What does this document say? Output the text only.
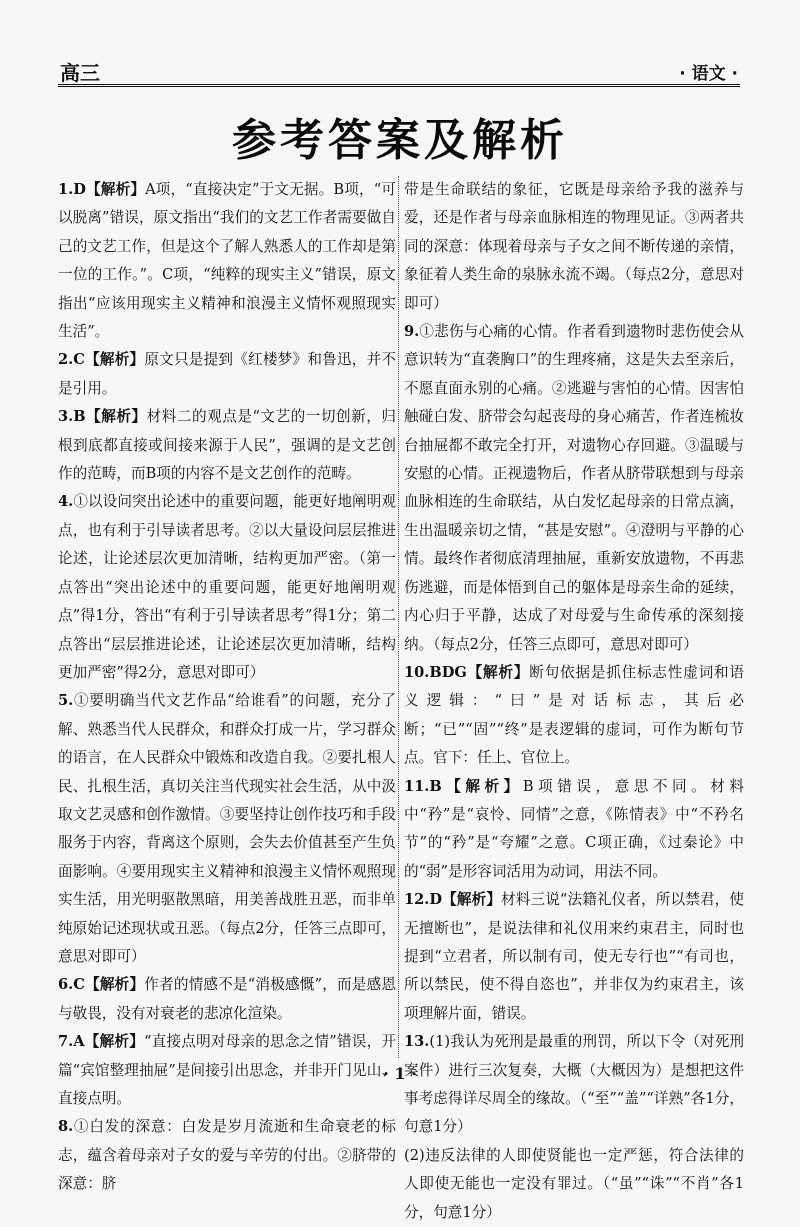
高三	· 语文 ·
参考答案及解析

1.D【解析】A项，“直接决定”于文无据。B项，“可以脱离”错误，原文指出“我们的文艺工作者需要做自己的文艺工作，但是这个了解人熟悉人的工作却是第一位的工作。”。C项，“纯粹的现实主义”错误，原文指出“应该用现实主义精神和浪漫主义情怀观照现实生活”。

2.C【解析】原文只是提到《红楼梦》和鲁迅，并不是引用。

3.B【解析】材料二的观点是“文艺的一切创新，归根到底都直接或间接来源于人民”，强调的是文艺创作的范畴，而B项的内容不是文艺创作的范畴。

4.①以设问突出论述中的重要问题，能更好地阐明观点，也有利于引导读者思考。②以大量设问层层推进论述，让论述层次更加清晰，结构更加严密。（第一点答出“突出论述中的重要问题，能更好地阐明观点”得1分，答出“有利于引导读者思考”得1分；第二点答出“层层推进论述，让论述层次更加清晰，结构更加严密”得2分，意思对即可）

5.①要明确当代文艺作品“给谁看”的问题，充分了解、熟悉当代人民群众，和群众打成一片，学习群众的语言，在人民群众中锻炼和改造自我。②要扎根人民、扎根生活，真切关注当代现实社会生活，从中汲取文艺灵感和创作激情。③要坚持让创作技巧和手段服务于内容，背离这个原则，会失去价值甚至产生负面影响。④要用现实主义精神和浪漫主义情怀观照现实生活，用光明驱散黑暗，用美善战胜丑恶，而非单纯原始记述现状或丑恶。（每点2分，任答三点即可，意思对即可）

6.C【解析】作者的情感不是“消极感慨”，而是感恩与敬畏，没有对衰老的悲凉化渲染。

7.A【解析】“直接点明对母亲的思念之情”错误，开篇“宾馆整理抽屉”是间接引出思念，并非开门见山、直接点明。

8.①白发的深意：白发是岁月流逝和生命衰老的标志，蕴含着母亲对子女的爱与辛劳的付出。②脐带的深意：脐

带是生命联结的象征，它既是母亲给予我的滋养与爱，还是作者与母亲血脉相连的物理见证。③两者共同的深意：体现着母亲与子女之间不断传递的亲情，象征着人类生命的泉脉永流不竭。（每点2分，意思对即可）

9.①悲伤与心痛的心情。作者看到遗物时悲伤使会从意识转为“直袭胸口”的生理疼痛，这是失去至亲后，不愿直面永别的心痛。②逃避与害怕的心情。因害怕触碰白发、脐带会勾起丧母的身心痛苦，作者连梳妆台抽屉都不敢完全打开，对遗物心存回避。③温暖与安慰的心情。正视遗物后，作者从脐带联想到与母亲血脉相连的生命联结，从白发忆起母亲的日常点滴，生出温暖亲切之情，“甚是安慰”。④澄明与平静的心情。最终作者彻底清理抽屉，重新安放遗物，不再悲伤逃避，而是体悟到自己的躯体是母亲生命的延续，内心归于平静，达成了对母爱与生命传承的深刻接纳。（每点2分，任答三点即可，意思对即可）

10.BDG【解析】断句依据是抓住标志性虚词和语义逻辑：“曰”是对话标志，其后必断；“已”“固”“终”是表逻辑的虚词，可作为断句节点。官下：任上、官位上。

11.B【解析】B项错误，意思不同。材料中“矜”是“哀怜、同情”之意，《陈情表》中“不矜名节”的“矜”是“夸耀”之意。C项正确，《过秦论》中的“弱”是形容词活用为动词，用法不同。

12.D【解析】材料三说“法籍礼仪者，所以禁君，使无擅断也”，是说法律和礼仪用来约束君主，同时也提到“立君者，所以制有司，使无专行也”“有司也，所以禁民，使不得自恣也”，并非仅为约束君主，该项理解片面，错误。

13.(1)我认为死刑是最重的刑罚，所以下令（对死刑案件）进行三次复奏，大概（大概因为）是想把这件事考虑得详尽周全的缘故。（“至”“盖”“详熟”各1分，句意1分）

(2)违反法律的人即使贤能也一定严惩，符合法律的人即使无能也一定没有罪过。（“虽”“诛”“不肖”各1分，句意1分）

· 1 ·
